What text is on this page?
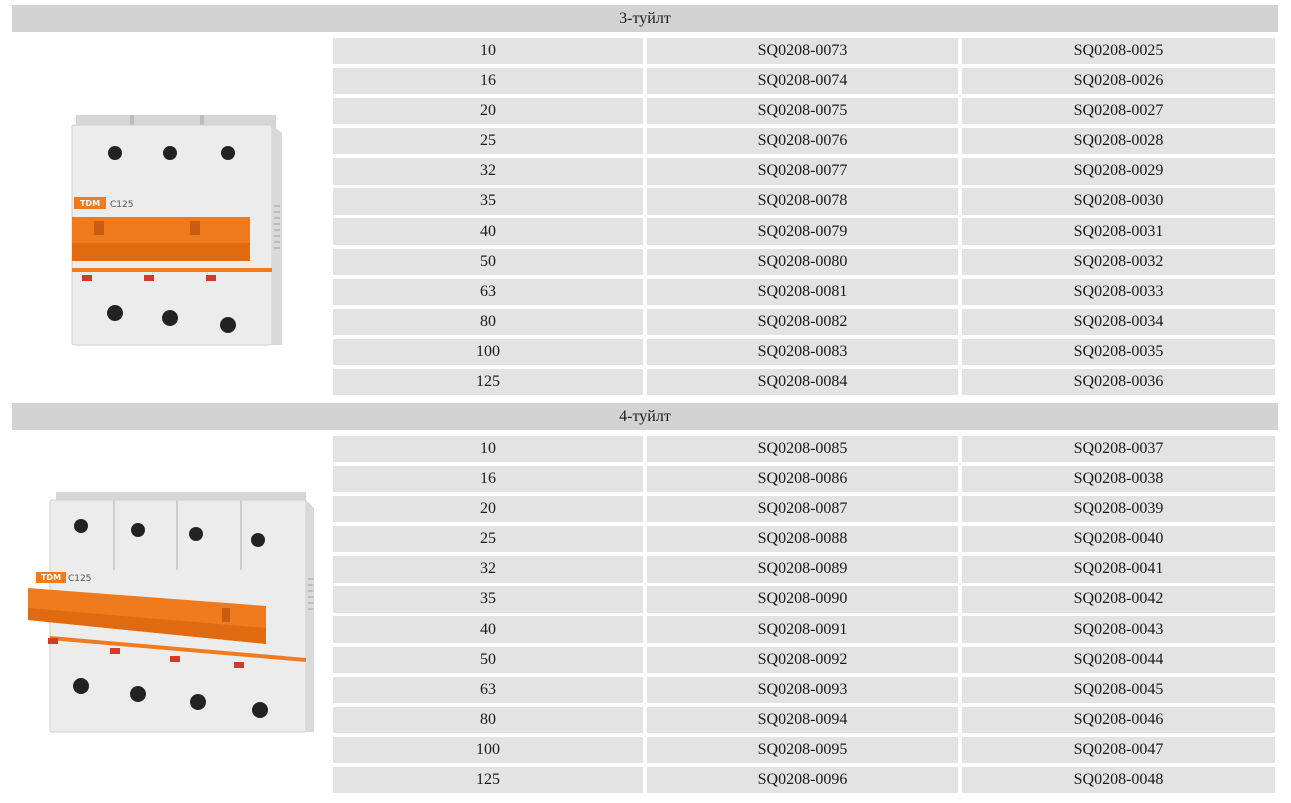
3-туйлт
TDM C125
10	SQ0208-0073	SQ0208-0025
16	SQ0208-0074	SQ0208-0026
20	SQ0208-0075	SQ0208-0027
25	SQ0208-0076	SQ0208-0028
32	SQ0208-0077	SQ0208-0029
35	SQ0208-0078	SQ0208-0030
40	SQ0208-0079	SQ0208-0031
50	SQ0208-0080	SQ0208-0032
63	SQ0208-0081	SQ0208-0033
80	SQ0208-0082	SQ0208-0034
100	SQ0208-0083	SQ0208-0035
125	SQ0208-0084	SQ0208-0036
4-туйлт
TDM C125
10	SQ0208-0085	SQ0208-0037
16	SQ0208-0086	SQ0208-0038
20	SQ0208-0087	SQ0208-0039
25	SQ0208-0088	SQ0208-0040
32	SQ0208-0089	SQ0208-0041
35	SQ0208-0090	SQ0208-0042
40	SQ0208-0091	SQ0208-0043
50	SQ0208-0092	SQ0208-0044
63	SQ0208-0093	SQ0208-0045
80	SQ0208-0094	SQ0208-0046
100	SQ0208-0095	SQ0208-0047
125	SQ0208-0096	SQ0208-0048
